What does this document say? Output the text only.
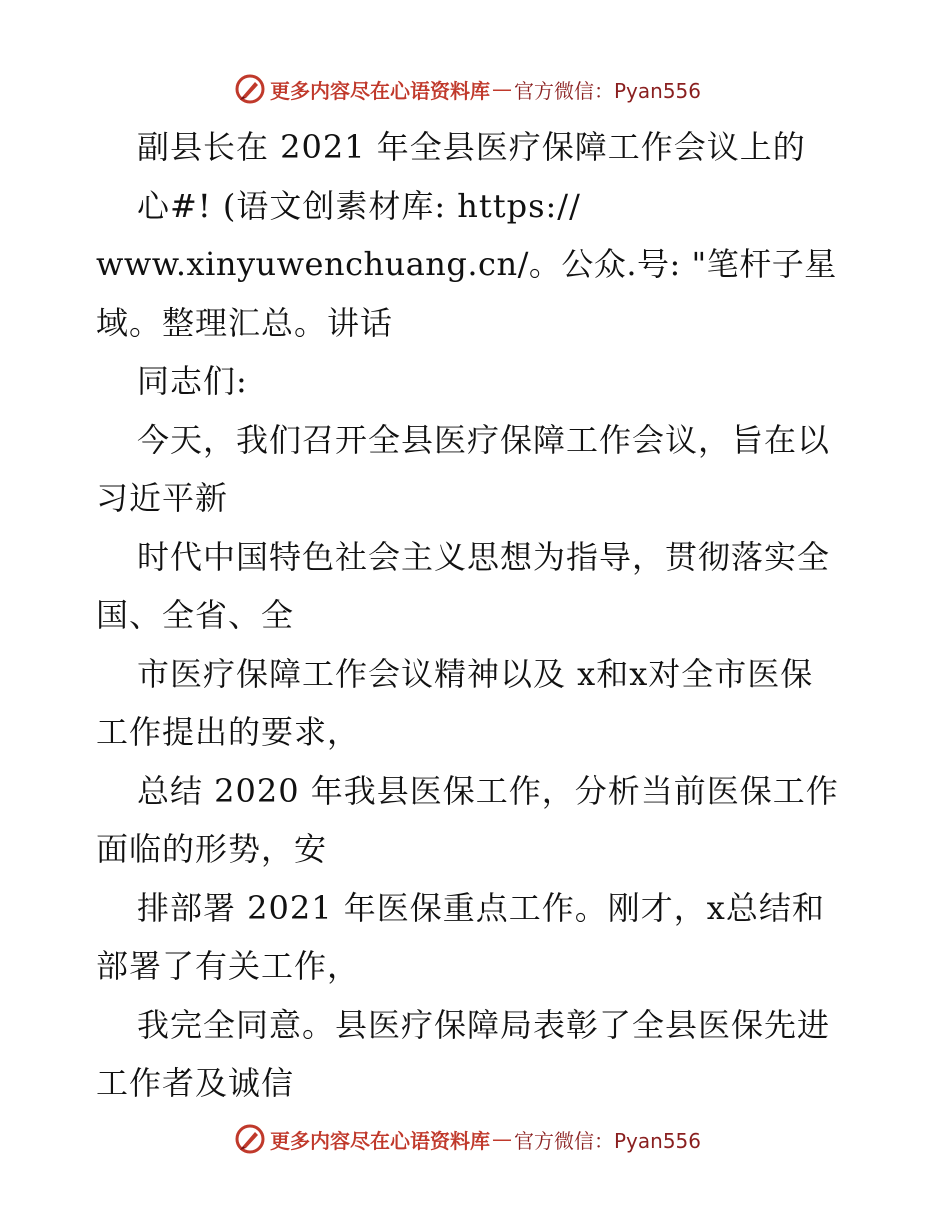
更多内容尽在心语资料库 — 官方微信：Pyan556
副县长在 2021 年全县医疗保障工作会议上的
心#! (语文创素材库: https://
www.xinyuwenchuang.cn/。公众.号: "笔杆子星
域。整理汇总。讲话
同志们:
今天，我们召开全县医疗保障工作会议，旨在以
习近平新
时代中国特色社会主义思想为指导，贯彻落实全
国、全省、全
市医疗保障工作会议精神以及 x和x对全市医保
工作提出的要求，
总结 2020 年我县医保工作，分析当前医保工作
面临的形势，安
排部署 2021 年医保重点工作。刚才，x总结和
部署了有关工作，
我完全同意。县医疗保障局表彰了全县医保先进
工作者及诚信
更多内容尽在心语资料库 — 官方微信：Pyan556
